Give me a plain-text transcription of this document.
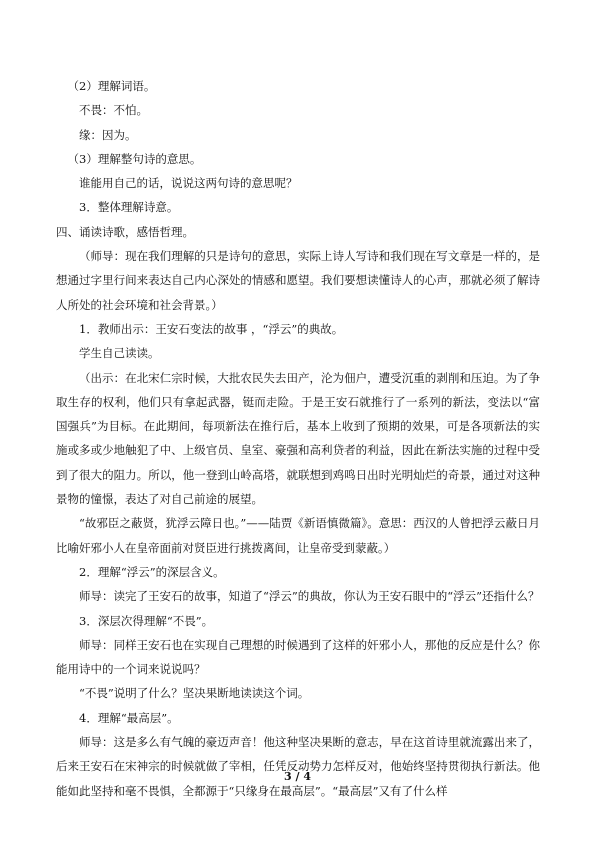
（2）理解词语。

不畏：不怕。

缘：因为。

（3）理解整句诗的意思。

谁能用自己的话，说说这两句诗的意思呢？

3．整体理解诗意。

四、诵读诗歌，感悟哲理。

（师导：现在我们理解的只是诗句的意思，实际上诗人写诗和我们现在写文章是一样的，是想通过字里行间来表达自己内心深处的情感和愿望。我们要想读懂诗人的心声，那就必须了解诗人所处的社会环境和社会背景。）

1．教师出示：王安石变法的故事 ，“浮云”的典故。

学生自己读读。

（出示：在北宋仁宗时候，大批农民失去田产，沦为佃户，遭受沉重的剥削和压迫。为了争取生存的权利，他们只有拿起武器，铤而走险。于是王安石就推行了一系列的新法，变法以“富国强兵”为目标。在此期间，每项新法在推行后，基本上收到了预期的效果，可是各项新法的实施或多或少地触犯了中、上级官员、皇室、豪强和高利贷者的利益，因此在新法实施的过程中受到了很大的阻力。所以，他一登到山岭高塔，就联想到鸡鸣日出时光明灿烂的奇景，通过对这种景物的憧憬，表达了对自己前途的展望。

“故邪臣之蔽贤，犹浮云障日也。”——陆贾《新语慎微篇》。意思：西汉的人曾把浮云蔽日月比喻奸邪小人在皇帝面前对贤臣进行挑拨离间，让皇帝受到蒙蔽。）

2．理解“浮云”的深层含义。

师导：读完了王安石的故事，知道了“浮云”的典故，你认为王安石眼中的“浮云”还指什么？

3．深层次得理解“不畏”。

师导：同样王安石也在实现自己理想的时候遇到了这样的奸邪小人，那他的反应是什么？你能用诗中的一个词来说说吗？

“不畏”说明了什么？坚决果断地读读这个词。

4．理解“最高层”。

师导：这是多么有气魄的豪迈声音！他这种坚决果断的意志，早在这首诗里就流露出来了，后来王安石在宋神宗的时候就做了宰相，任凭反动势力怎样反对，他始终坚持贯彻执行新法。他能如此坚持和毫不畏惧，全都源于“只缘身在最高层”。“最高层”又有了什么样

3 / 4
